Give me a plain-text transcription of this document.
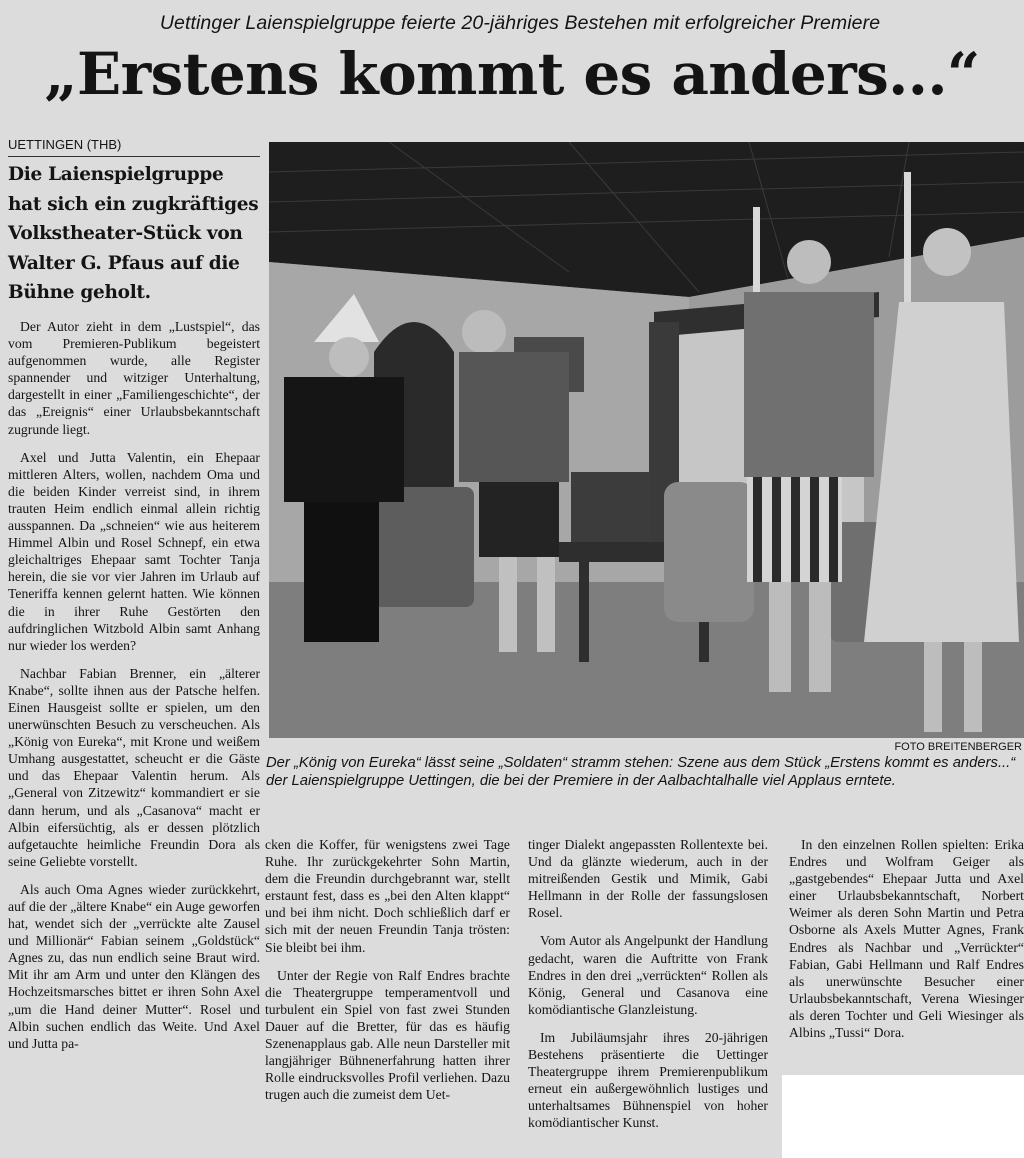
Uettinger Laienspielgruppe feierte 20-jähriges Bestehen mit erfolgreicher Premiere
„Erstens kommt es anders...“
UETTINGEN (THB)
Die Laienspielgruppe hat sich ein zugkräftiges Volkstheater-Stück von Walter G. Pfaus auf die Bühne geholt.

Der Autor zieht in dem „Lustspiel“, das vom Premieren-Publikum begeistert aufgenommen wurde, alle Register spannender und witziger Unterhaltung, dargestellt in einer „Familiengeschichte“, der das „Ereignis“ einer Urlaubsbekanntschaft zugrunde liegt.

Axel und Jutta Valentin, ein Ehepaar mittleren Alters, wollen, nachdem Oma und die beiden Kinder verreist sind, in ihrem trauten Heim endlich einmal allein richtig ausspannen. Da „schneien“ wie aus heiterem Himmel Albin und Rosel Schnepf, ein etwa gleichaltriges Ehepaar samt Tochter Tanja herein, die sie vor vier Jahren im Urlaub auf Teneriffa kennen gelernt hatten. Wie können die in ihrer Ruhe Gestörten den aufdringlichen Witzbold Albin samt Anhang nur wieder los werden?

Nachbar Fabian Brenner, ein „älterer Knabe“, sollte ihnen aus der Patsche helfen. Einen Hausgeist sollte er spielen, um den unerwünschten Besuch zu verscheuchen. Als „König von Eureka“, mit Krone und weißem Umhang ausgestattet, scheucht er die Gäste und das Ehepaar Valentin herum. Als „General von Zitzewitz“ kommandiert er sie dann herum, und als „Casanova“ macht er Albin eifersüchtig, als er dessen plötzlich aufgetauchte heimliche Freundin Dora als seine Geliebte vorstellt.

Als auch Oma Agnes wieder zurückkehrt, auf die der „ältere Knabe“ ein Auge geworfen hat, wendet sich der „verrückte alte Zausel und Millionär“ Fabian seinem „Goldstück“ Agnes zu, das nun endlich seine Braut wird. Mit ihr am Arm und unter den Klängen des Hochzeitsmarsches bittet er ihren Sohn Axel „um die Hand deiner Mutter“. Rosel und Albin suchen endlich das Weite. Und Axel und Jutta pa-

FOTO BREITENBERGER
Der „König von Eureka“ lässt seine „Soldaten“ stramm stehen: Szene aus dem Stück „Erstens kommt es anders...“ der Laienspielgruppe Uettingen, die bei der Premiere in der Aalbachtalhalle viel Applaus erntete.

cken die Koffer, für wenigstens zwei Tage Ruhe. Ihr zurückgekehrter Sohn Martin, dem die Freundin durchgebrannt war, stellt erstaunt fest, dass es „bei den Alten klappt“ und bei ihm nicht. Doch schließlich darf er sich mit der neuen Freundin Tanja trösten: Sie bleibt bei ihm.

Unter der Regie von Ralf Endres brachte die Theatergruppe temperamentvoll und turbulent ein Spiel von fast zwei Stunden Dauer auf die Bretter, für das es häufig Szenenapplaus gab. Alle neun Darsteller mit langjähriger Bühnenerfahrung hatten ihrer Rolle eindrucksvolles Profil verliehen. Dazu trugen auch die zumeist dem Uet-

tinger Dialekt angepassten Rollentexte bei. Und da glänzte wiederum, auch in der mitreißenden Gestik und Mimik, Gabi Hellmann in der Rolle der fassungslosen Rosel.

Vom Autor als Angelpunkt der Handlung gedacht, waren die Auftritte von Frank Endres in den drei „verrückten“ Rollen als König, General und Casanova eine komödiantische Glanzleistung.

Im Jubiläumsjahr ihres 20-jährigen Bestehens präsentierte die Uettinger Theatergruppe ihrem Premierenpublikum erneut ein außergewöhnlich lustiges und unterhaltsames Bühnenspiel von hoher komödiantischer Kunst.

In den einzelnen Rollen spielten: Erika Endres und Wolfram Geiger als „gastgebendes“ Ehepaar Jutta und Axel einer Urlaubsbekanntschaft, Norbert Weimer als deren Sohn Martin und Petra Osborne als Axels Mutter Agnes, Frank Endres als Nachbar und „Verrückter“ Fabian, Gabi Hellmann und Ralf Endres als unerwünschte Besucher einer Urlaubsbekanntschaft, Verena Wiesinger als deren Tochter und Geli Wiesinger als Albins „Tussi“ Dora.
